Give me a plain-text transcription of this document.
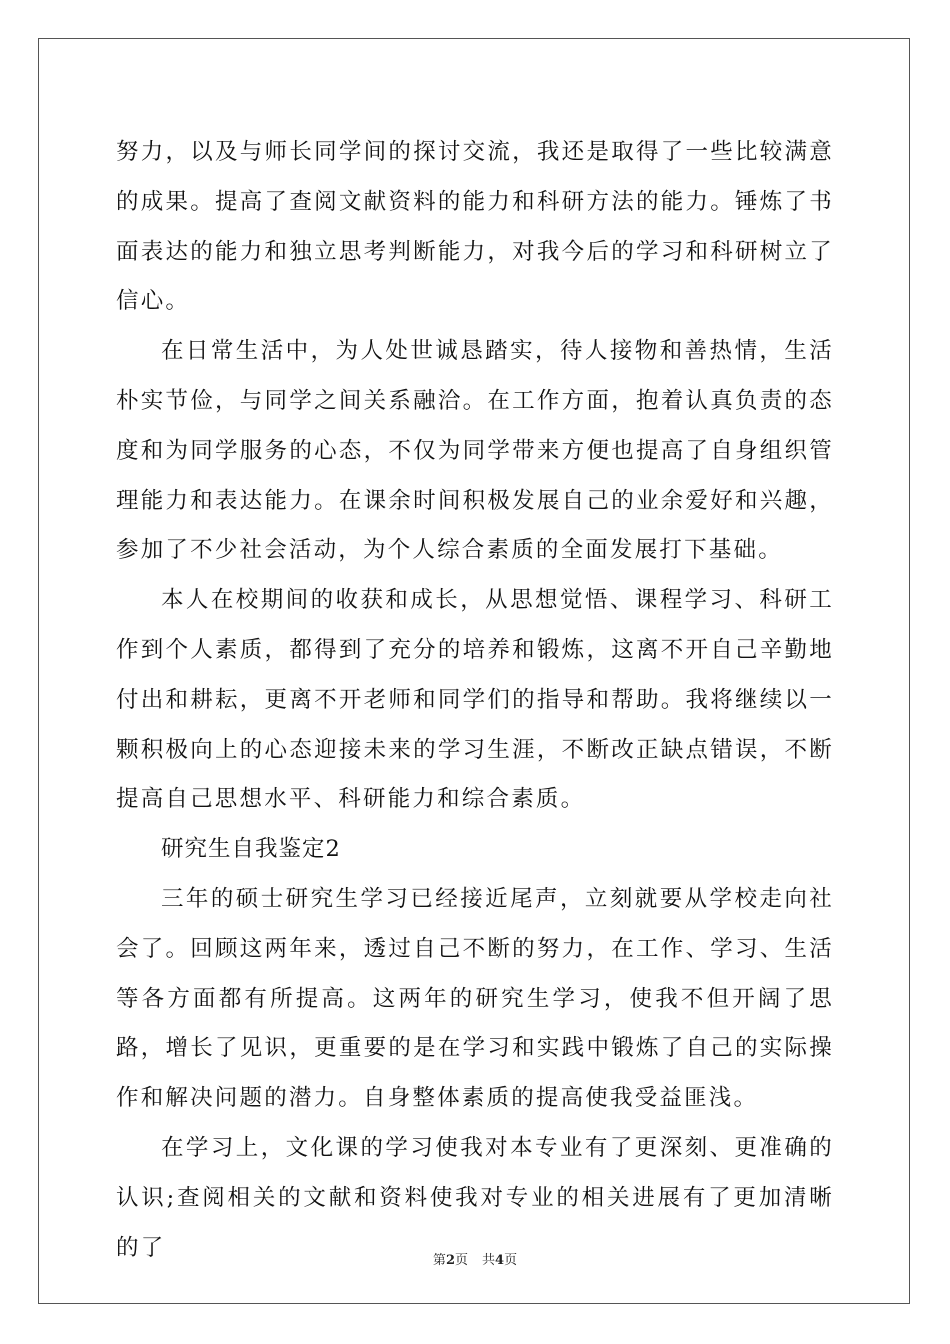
努力，以及与师长同学间的探讨交流，我还是取得了一些比较满意的成果。提高了查阅文献资料的能力和科研方法的能力。锤炼了书面表达的能力和独立思考判断能力，对我今后的学习和科研树立了信心。

在日常生活中，为人处世诚恳踏实，待人接物和善热情，生活朴实节俭，与同学之间关系融洽。在工作方面，抱着认真负责的态度和为同学服务的心态，不仅为同学带来方便也提高了自身组织管理能力和表达能力。在课余时间积极发展自己的业余爱好和兴趣，参加了不少社会活动，为个人综合素质的全面发展打下基础。

本人在校期间的收获和成长，从思想觉悟、课程学习、科研工作到个人素质，都得到了充分的培养和锻炼，这离不开自己辛勤地付出和耕耘，更离不开老师和同学们的指导和帮助。我将继续以一颗积极向上的心态迎接未来的学习生涯，不断改正缺点错误，不断提高自己思想水平、科研能力和综合素质。

研究生自我鉴定2

三年的硕士研究生学习已经接近尾声，立刻就要从学校走向社会了。回顾这两年来，透过自己不断的努力，在工作、学习、生活等各方面都有所提高。这两年的研究生学习，使我不但开阔了思路，增长了见识，更重要的是在学习和实践中锻炼了自己的实际操作和解决问题的潜力。自身整体素质的提高使我受益匪浅。

在学习上，文化课的学习使我对本专业有了更深刻、更准确的认识;查阅相关的文献和资料使我对专业的相关进展有了更加清晰的了	第2页 共4页
